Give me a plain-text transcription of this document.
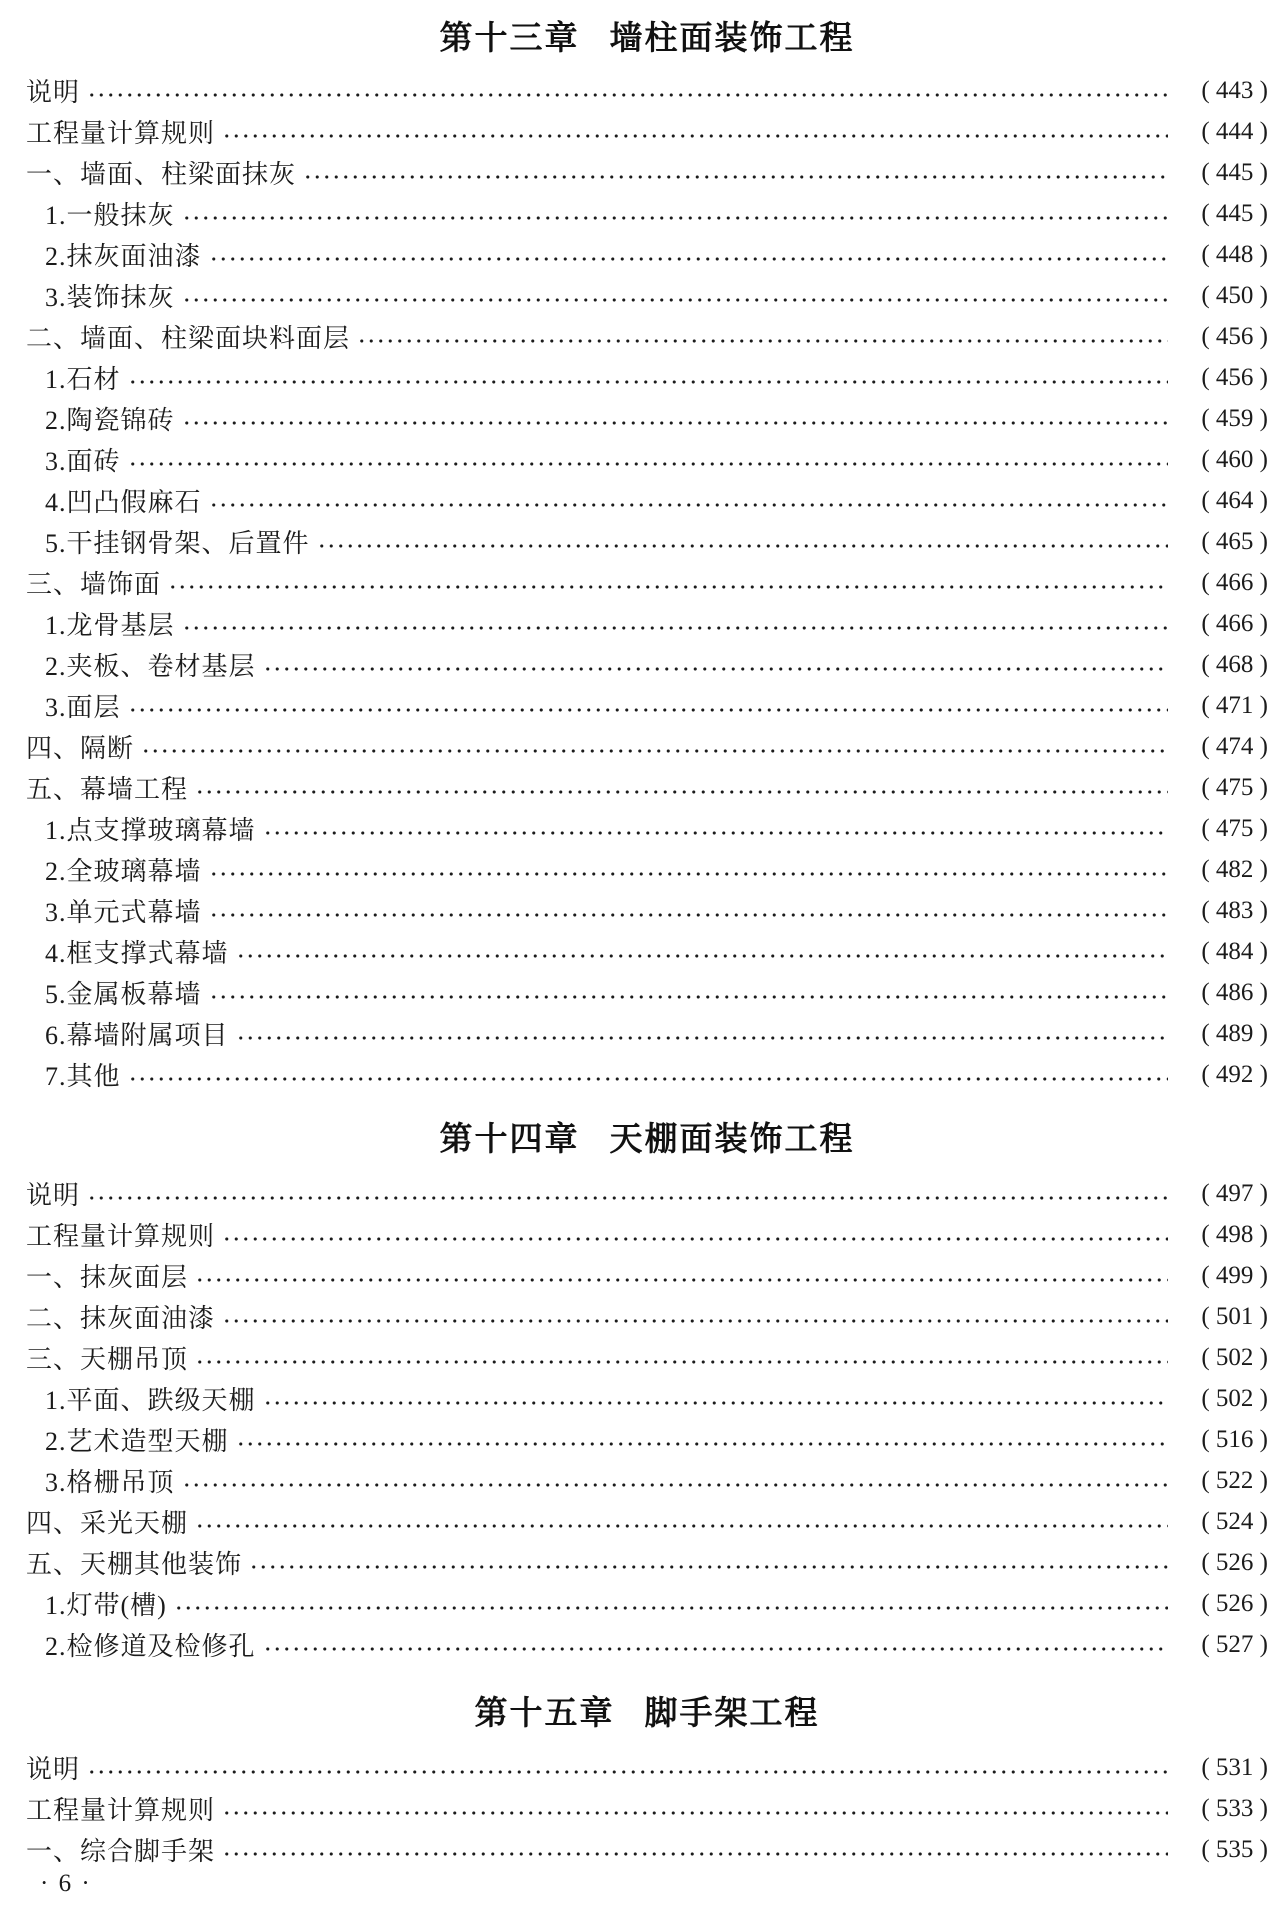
第十三章 墙柱面装饰工程
说明	( 443 )
工程量计算规则	( 444 )
一、墙面、柱梁面抹灰	( 445 )
1.一般抹灰	( 445 )
2.抹灰面油漆	( 448 )
3.装饰抹灰	( 450 )
二、墙面、柱梁面块料面层	( 456 )
1.石材	( 456 )
2.陶瓷锦砖	( 459 )
3.面砖	( 460 )
4.凹凸假麻石	( 464 )
5.干挂钢骨架、后置件	( 465 )
三、墙饰面	( 466 )
1.龙骨基层	( 466 )
2.夹板、卷材基层	( 468 )
3.面层	( 471 )
四、隔断	( 474 )
五、幕墙工程	( 475 )
1.点支撑玻璃幕墙	( 475 )
2.全玻璃幕墙	( 482 )
3.单元式幕墙	( 483 )
4.框支撑式幕墙	( 484 )
5.金属板幕墙	( 486 )
6.幕墙附属项目	( 489 )
7.其他	( 492 )
第十四章 天棚面装饰工程
说明	( 497 )
工程量计算规则	( 498 )
一、抹灰面层	( 499 )
二、抹灰面油漆	( 501 )
三、天棚吊顶	( 502 )
1.平面、跌级天棚	( 502 )
2.艺术造型天棚	( 516 )
3.格栅吊顶	( 522 )
四、采光天棚	( 524 )
五、天棚其他装饰	( 526 )
1.灯带(槽)	( 526 )
2.检修道及检修孔	( 527 )
第十五章 脚手架工程
说明	( 531 )
工程量计算规则	( 533 )
一、综合脚手架	( 535 )
· 6 ·
